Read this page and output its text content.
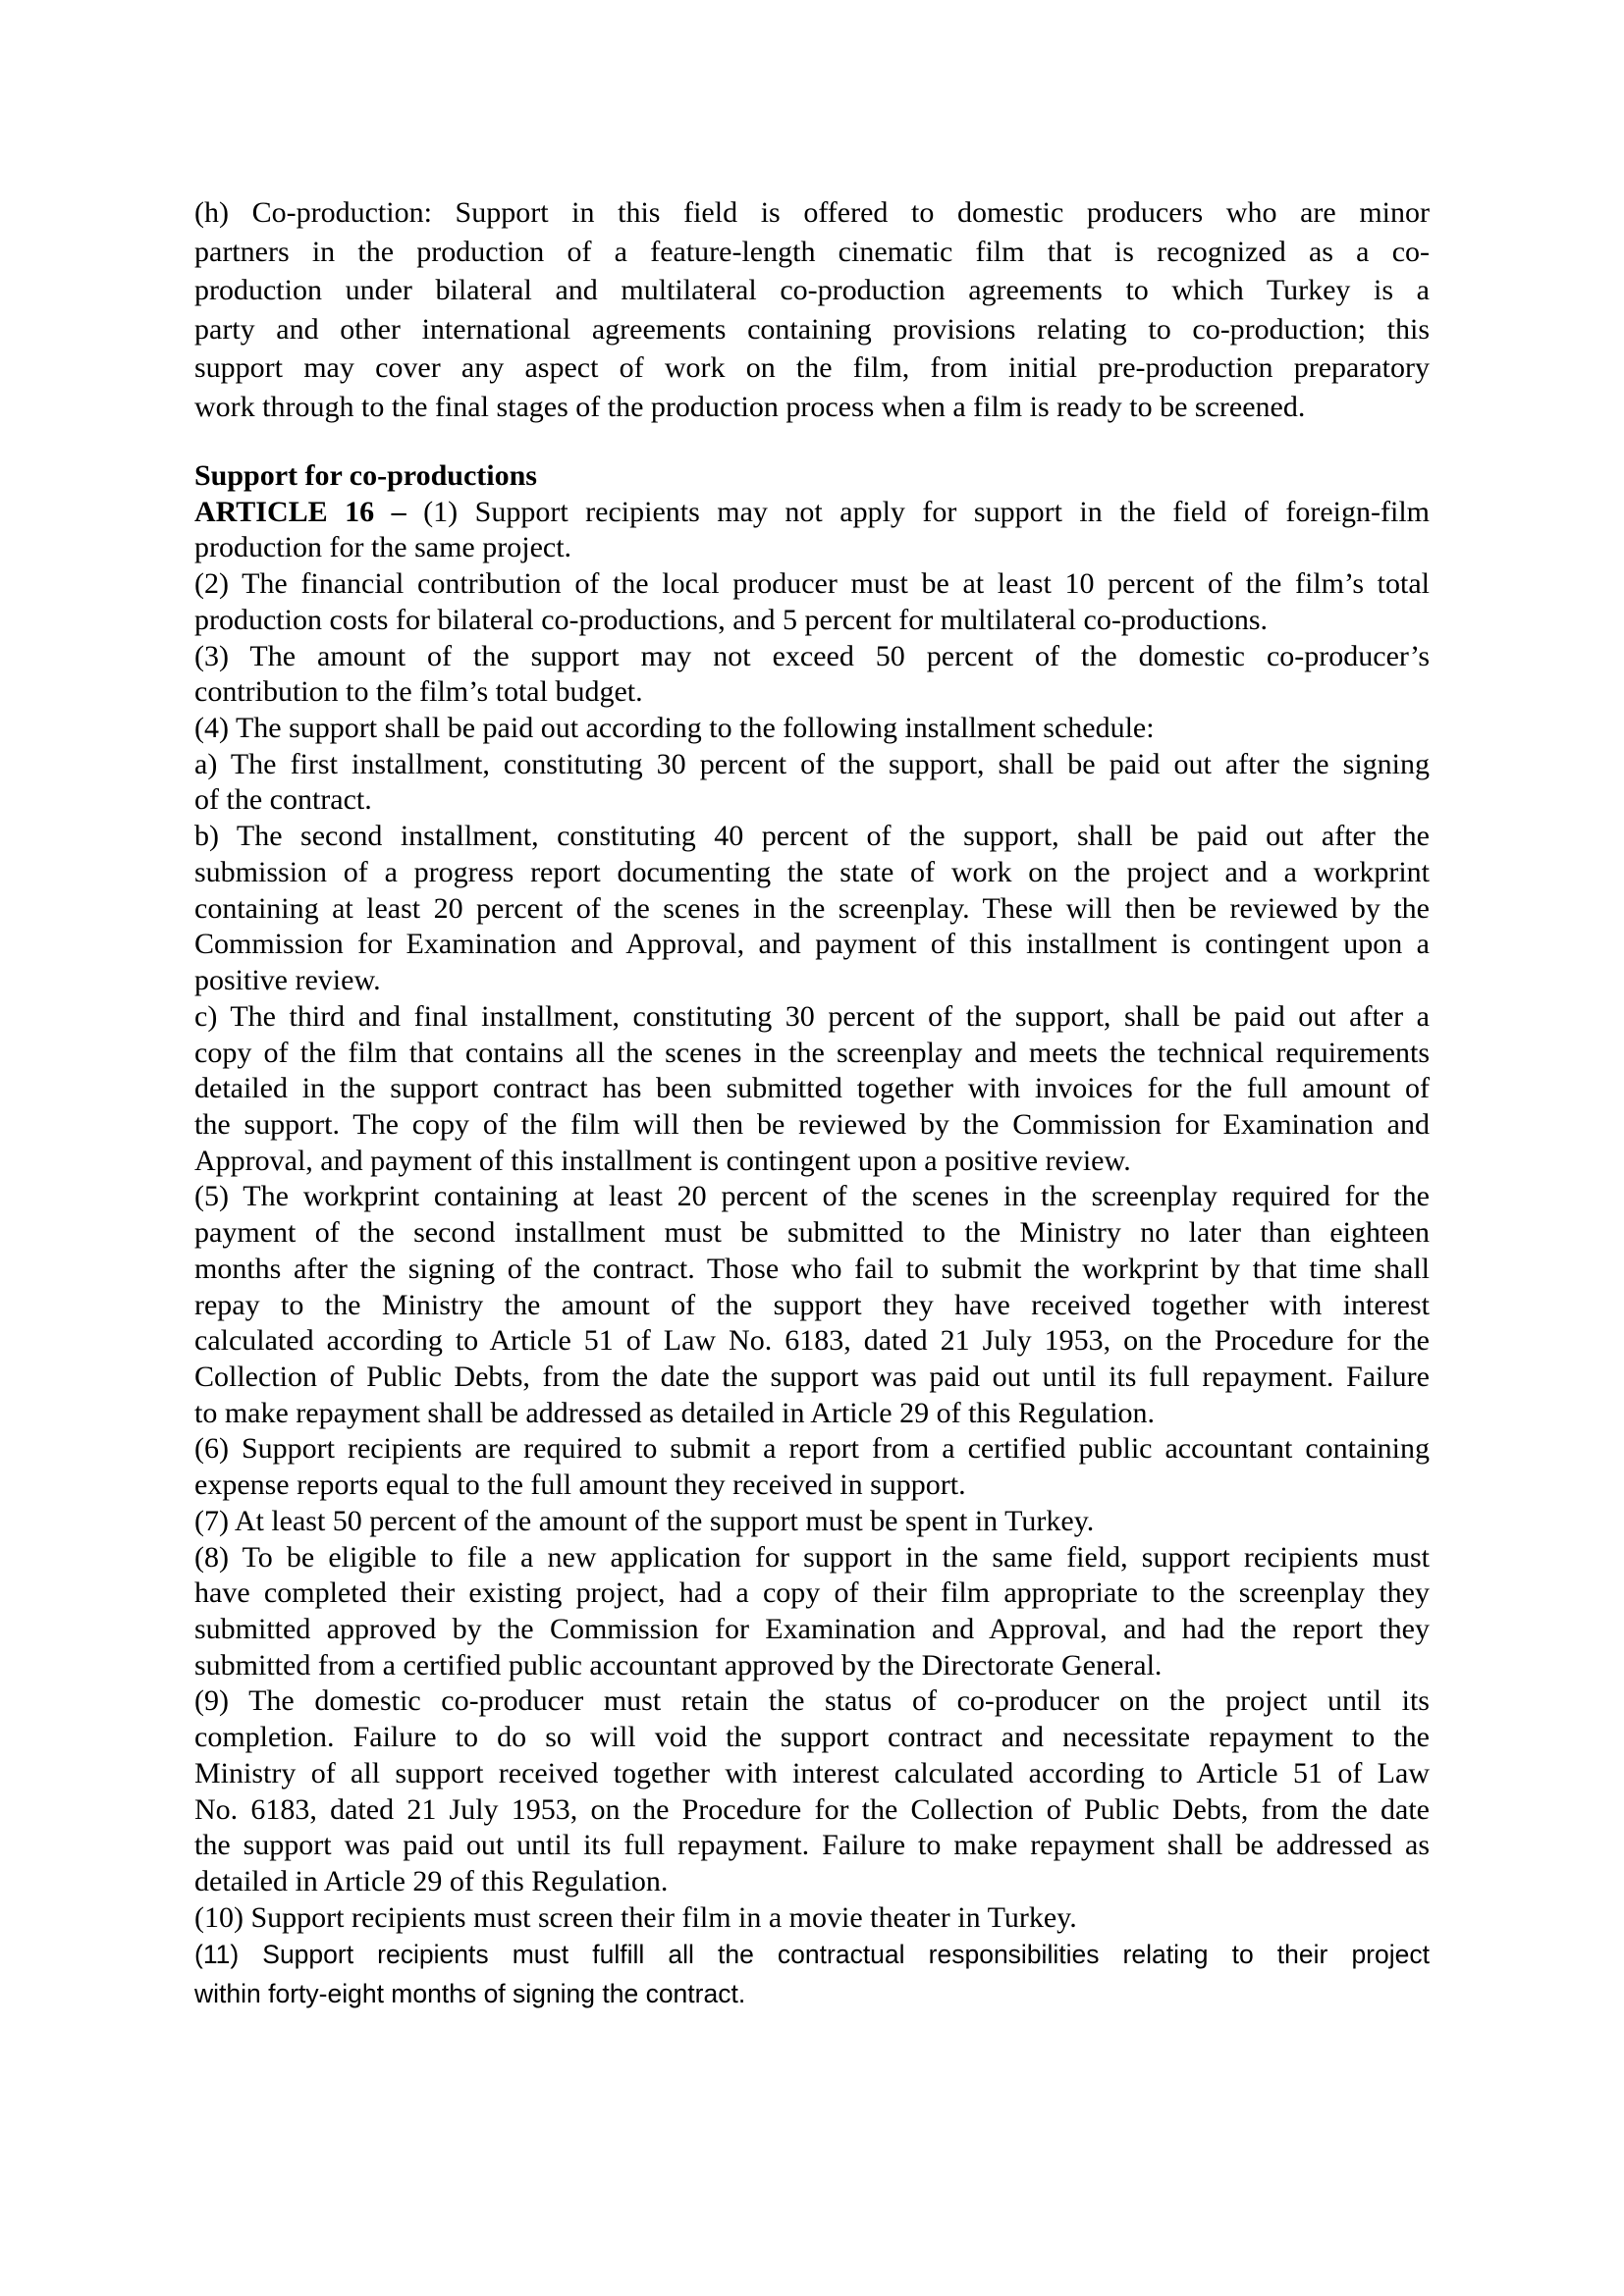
(h) Co-production: Support in this field is offered to domestic producers who are minor
partners in the production of a feature-length cinematic film that is recognized as a co-
production under bilateral and multilateral co-production agreements to which Turkey is a
party and other international agreements containing provisions relating to co-production; this
support may cover any aspect of work on the film, from initial pre-production preparatory
work through to the final stages of the production process when a film is ready to be screened.
Support for co-productions
ARTICLE 16 – (1) Support recipients may not apply for support in the field of foreign-film
production for the same project.
(2) The financial contribution of the local producer must be at least 10 percent of the film’s total
production costs for bilateral co-productions, and 5 percent for multilateral co-productions.
(3) The amount of the support may not exceed 50 percent of the domestic co-producer’s
contribution to the film’s total budget.
(4) The support shall be paid out according to the following installment schedule:
a) The first installment, constituting 30 percent of the support, shall be paid out after the signing
of the contract.
b) The second installment, constituting 40 percent of the support, shall be paid out after the
submission of a progress report documenting the state of work on the project and a workprint
containing at least 20 percent of the scenes in the screenplay. These will then be reviewed by the
Commission for Examination and Approval, and payment of this installment is contingent upon a
positive review.
c) The third and final installment, constituting 30 percent of the support, shall be paid out after a
copy of the film that contains all the scenes in the screenplay and meets the technical requirements
detailed in the support contract has been submitted together with invoices for the full amount of
the support. The copy of the film will then be reviewed by the Commission for Examination and
Approval, and payment of this installment is contingent upon a positive review.
(5) The workprint containing at least 20 percent of the scenes in the screenplay required for the
payment of the second installment must be submitted to the Ministry no later than eighteen
months after the signing of the contract. Those who fail to submit the workprint by that time shall
repay to the Ministry the amount of the support they have received together with interest
calculated according to Article 51 of Law No. 6183, dated 21 July 1953, on the Procedure for the
Collection of Public Debts, from the date the support was paid out until its full repayment. Failure
to make repayment shall be addressed as detailed in Article 29 of this Regulation.
(6) Support recipients are required to submit a report from a certified public accountant containing
expense reports equal to the full amount they received in support.
(7) At least 50 percent of the amount of the support must be spent in Turkey.
(8) To be eligible to file a new application for support in the same field, support recipients must
have completed their existing project, had a copy of their film appropriate to the screenplay they
submitted approved by the Commission for Examination and Approval, and had the report they
submitted from a certified public accountant approved by the Directorate General.
(9) The domestic co-producer must retain the status of co-producer on the project until its
completion. Failure to do so will void the support contract and necessitate repayment to the
Ministry of all support received together with interest calculated according to Article 51 of Law
No. 6183, dated 21 July 1953, on the Procedure for the Collection of Public Debts, from the date
the support was paid out until its full repayment. Failure to make repayment shall be addressed as
detailed in Article 29 of this Regulation.
(10) Support recipients must screen their film in a movie theater in Turkey.
(11) Support recipients must fulfill all the contractual responsibilities relating to their project
within forty-eight months of signing the contract.
